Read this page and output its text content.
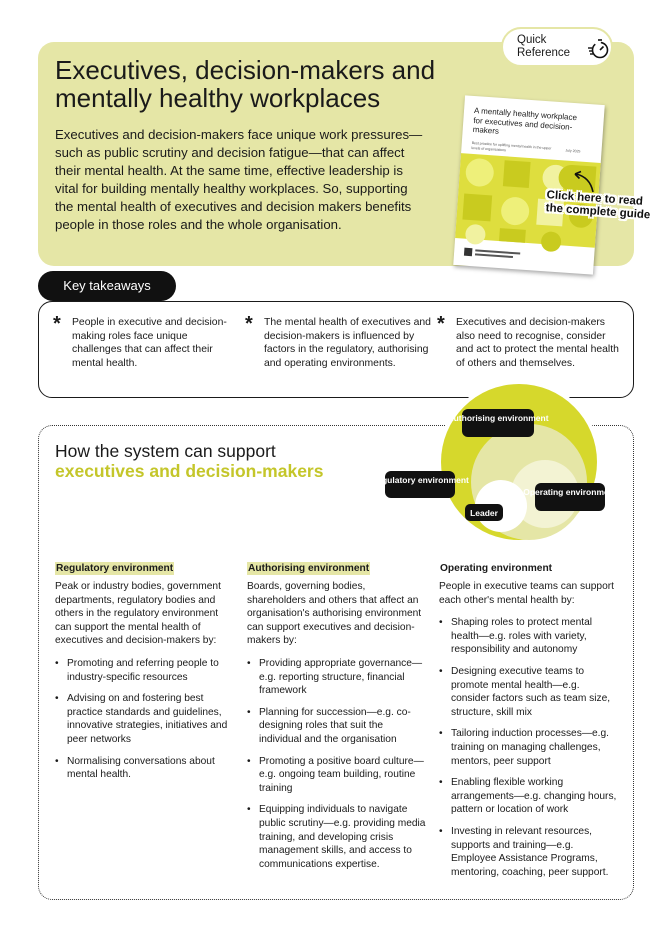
Executives, decision-makers and mentally healthy workplaces

Executives and decision-makers face unique work pressures—such as public scrutiny and decision fatigue—that can affect their mental health. At the same time, effective leadership is vital for building mentally healthy workplaces. So, supporting the mental health of executives and decision makers benefits people in those roles and the whole organisation.

Quick Reference
A mentally healthy workplace for executives and decision-makers
Best practice for uplifting mental health in the upper levels of organisations	July 2025
Click here to read the complete guide
Key takeaways
* People in executive and decision-making roles face unique challenges that can affect their mental health.

* The mental health of executives and decision-makers is influenced by factors in the regulatory, authorising and operating environments.

* Executives and decision-makers also need to recognise, consider and act to protect the mental health of others and themselves.

How the system can support
executives and decision-makers
Authorising environment
Regulatory environment
Operating environment
Leader
Regulatory environment

Peak or industry bodies, government departments, regulatory bodies and others in the regulatory environment can support the mental health of executives and decision-makers by:

• Promoting and referring people to industry-specific resources
• Advising on and fostering best practice standards and guidelines, innovative strategies, initiatives and peer networks
• Normalising conversations about mental health.
Authorising environment

Boards, governing bodies, shareholders and others that affect an organisation's authorising environment can support executives and decision-makers by:

• Providing appropriate governance—e.g. reporting structure, financial framework
• Planning for succession—e.g. co-designing roles that suit the individual and the organisation
• Promoting a positive board culture—e.g. ongoing team building, routine training
• Equipping individuals to navigate public scrutiny—e.g. providing media training, and developing crisis management skills, and access to communications expertise.
Operating environment

People in executive teams can support each other's mental health by:

• Shaping roles to protect mental health—e.g. roles with variety, responsibility and autonomy
• Designing executive teams to promote mental health—e.g. consider factors such as team size, structure, skill mix
• Tailoring induction processes—e.g. training on managing challenges, mentors, peer support
• Enabling flexible working arrangements—e.g. changing hours, pattern or location of work
• Investing in relevant resources, supports and training—e.g. Employee Assistance Programs, mentoring, coaching, peer support.
